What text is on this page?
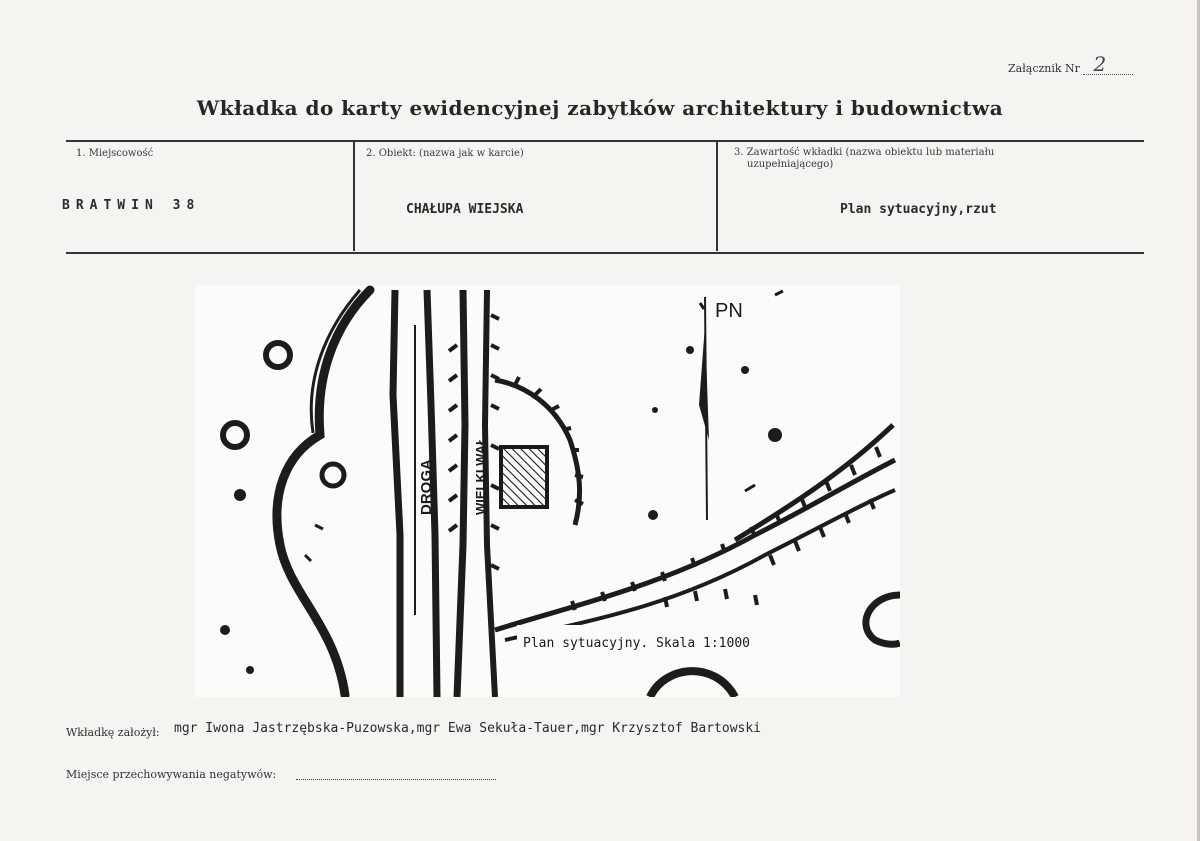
Załącznik Nr 2
Wkładka do karty ewidencyjnej zabytków architektury i budownictwa
1. Miejscowość
BRATWIN 38
2. Obiekt: (nazwa jak w karcie)
CHAŁUPA WIEJSKA
3. Zawartość wkładki (nazwa obiektu lub materiału
uzupełniającego)
Plan sytuacyjny,rzut
PN
DROGA	WIELKI WAŁ
Plan sytuacyjny. Skala 1:1000
Wkładkę założył: mgr Iwona Jastrzębska-Puzowska,mgr Ewa Sekuła-Tauer,mgr Krzysztof Bartowski
Miejsce przechowywania negatywów:
